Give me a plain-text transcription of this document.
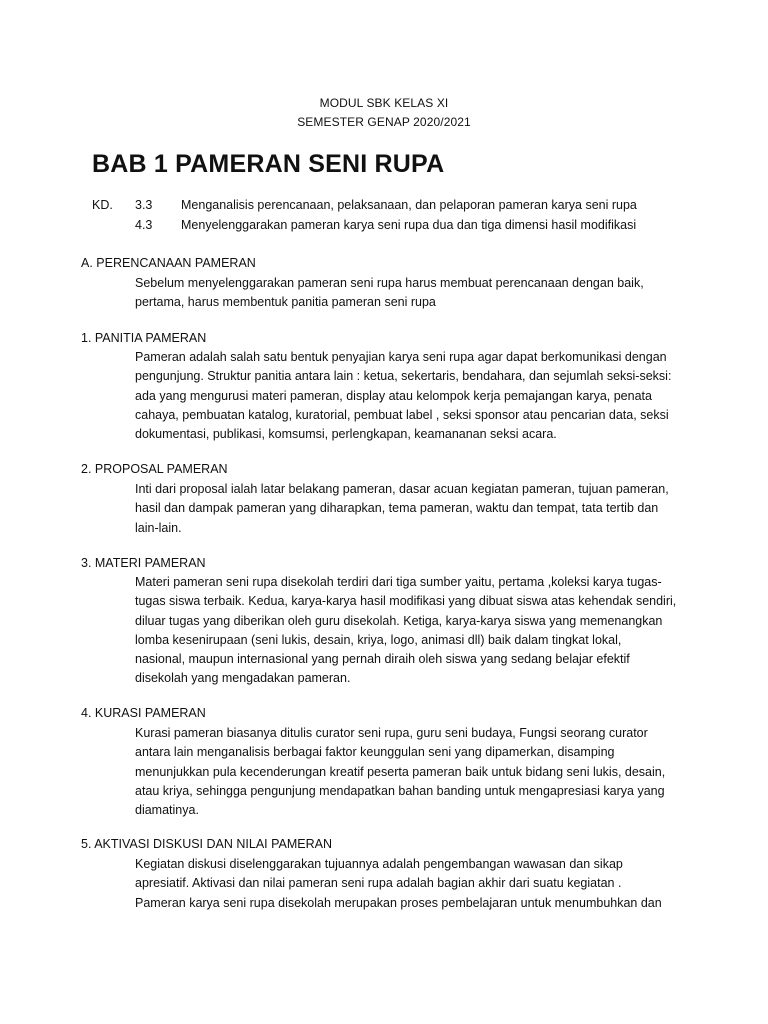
MODUL SBK KELAS XI
SEMESTER GENAP 2020/2021
BAB 1 PAMERAN SENI RUPA
KD. 3.3 Menganalisis perencanaan, pelaksanaan, dan pelaporan pameran karya seni rupa
4.3 Menyelenggarakan pameran karya seni rupa dua dan tiga dimensi hasil modifikasi
A. PERENCANAAN PAMERAN
Sebelum menyelenggarakan pameran seni rupa harus membuat perencanaan dengan baik,
pertama, harus membentuk panitia pameran seni rupa
1. PANITIA PAMERAN
Pameran adalah salah satu bentuk penyajian karya seni rupa agar dapat berkomunikasi dengan
pengunjung. Struktur panitia antara lain : ketua, sekertaris, bendahara, dan sejumlah seksi-seksi:
ada yang mengurusi materi pameran, display atau kelompok kerja pemajangan karya, penata
cahaya, pembuatan katalog, kuratorial, pembuat label , seksi sponsor atau pencarian data, seksi
dokumentasi, publikasi, komsumsi, perlengkapan, keamananan seksi acara.
2. PROPOSAL PAMERAN
Inti dari proposal ialah latar belakang pameran, dasar acuan kegiatan pameran, tujuan pameran,
hasil dan dampak pameran yang diharapkan, tema pameran, waktu dan tempat, tata tertib dan
lain-lain.
3. MATERI PAMERAN
Materi pameran seni rupa disekolah terdiri dari tiga sumber yaitu, pertama ,koleksi karya tugas-
tugas siswa terbaik. Kedua, karya-karya hasil modifikasi yang dibuat siswa atas kehendak sendiri,
diluar tugas yang diberikan oleh guru disekolah. Ketiga, karya-karya siswa yang memenangkan
lomba kesenirupaan (seni lukis, desain, kriya, logo, animasi dll) baik dalam tingkat lokal,
nasional, maupun internasional yang pernah diraih oleh siswa yang sedang belajar efektif
disekolah yang mengadakan pameran.
4. KURASI PAMERAN
Kurasi pameran biasanya ditulis curator seni rupa, guru seni budaya, Fungsi seorang curator
antara lain menganalisis berbagai faktor keunggulan seni yang dipamerkan, disamping
menunjukkan pula kecenderungan kreatif peserta pameran baik untuk bidang seni lukis, desain,
atau kriya, sehingga pengunjung mendapatkan bahan banding untuk mengapresiasi karya yang
diamatinya.
5. AKTIVASI DISKUSI DAN NILAI PAMERAN
Kegiatan diskusi diselenggarakan tujuannya adalah pengembangan wawasan dan sikap
apresiatif. Aktivasi dan nilai pameran seni rupa adalah bagian akhir dari suatu kegiatan .
Pameran karya seni rupa disekolah merupakan proses pembelajaran untuk menumbuhkan dan
